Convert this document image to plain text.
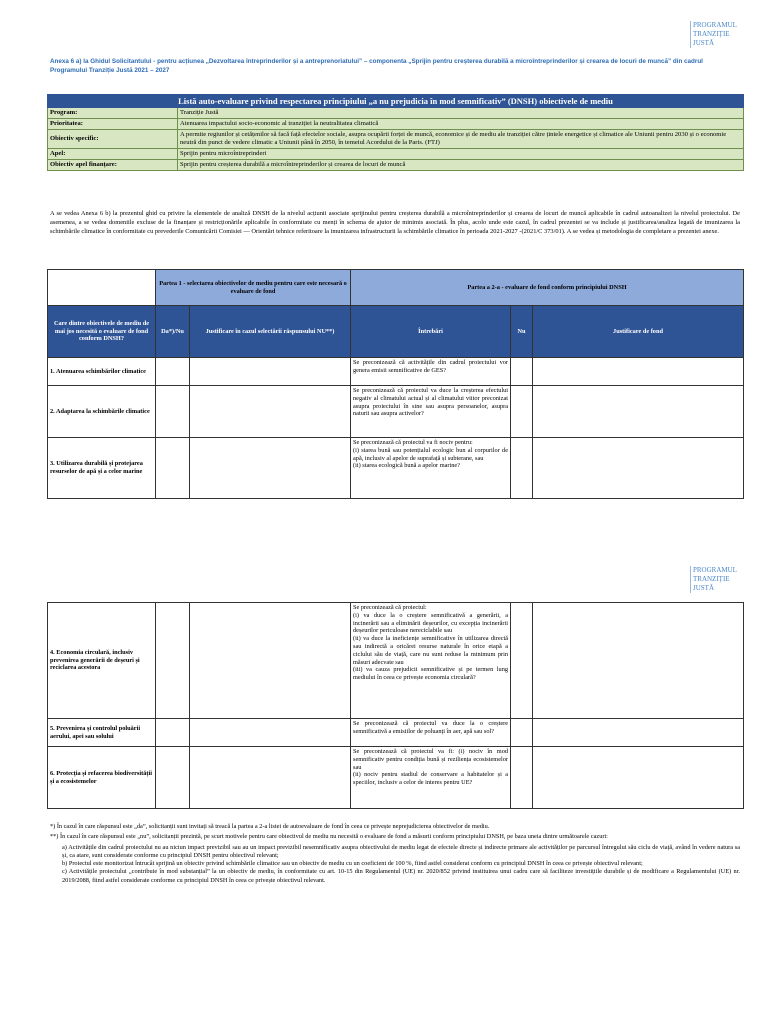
PROGRAMUL
TRANZIȚIE
JUSTĂ
Anexa 6 a) la Ghidul Solicitantului - pentru acțiunea „Dezvoltarea întreprinderilor și a antreprenoriatului” – componenta „Sprijin pentru creșterea durabilă a microîntreprinderilor și crearea de locuri de muncă” din cadrul Programului Tranziție Justă 2021 – 2027
Listă auto-evaluare privind respectarea principiului „a nu prejudicia în mod semnificativ” (DNSH) obiectivele de mediu	
Program:	Tranziție Justă
Prioritatea:	Atenuarea impactului socio-economic al tranziției la neutralitatea climatică
Obiectiv specific:	A permite regiunilor și cetățenilor să facă față efectelor sociale, asupra ocupării forței de muncă, economice și de mediu ale tranziției către țintele energetice și climatice ale Uniunii pentru 2030 și o economie neutră din punct de vedere climatic a Uniunii până în 2050, în temeiul Acordului de la Paris. (FTJ)
Apel:	Sprijin pentru microîntreprinderi
Obiectiv apel finanțare:	Sprijin pentru creșterea durabilă a microîntreprinderilor și crearea de locuri de muncă
A se vedea Anexa 6 b) la prezentul ghid cu privire la elementele de analiză DNSH de la nivelul acțiunii asociate sprijinului pentru creșterea durabilă a microîntreprinderilor și crearea de locuri de muncă aplicabile în cadrul autoanalizei la nivelul proiectului. De asemenea, a se vedea domeniile excluse de la finanțare și restricționările aplicabile în conformitate cu menți în schema de ajutor de minimis asociată. În plus, acolo unde este cazul, în cadrul prezentei se va include și justificarea/analiza legată de imunizarea la schimbările climatice în conformitate cu prevederile Comunicării Comisiei — Orientări tehnice referitoare la imunizarea infrastructurii la schimbările climatice în perioada 2021-2027 -(2021/C 373/01). A se vedea și metodologia de completare a prezentei anexe.
	Partea 1 - selectarea obiectivelor de mediu pentru care este necesară o evaluare de fond		Partea a 2-a - evaluare de fond conform principiului DNSH		
Care dintre obiectivele de mediu de mai jos necesită o evaluare de fond conform DNSH?	Da*)/Nu	Justificare în cazul selectării răspunsului NU**)	Întrebări	Nu	Justificare de fond
1. Atenuarea schimbărilor climatice			Se preconizează că activitățile din cadrul proiectului vor genera emisii semnificative de GES?		
2. Adaptarea la schimbările climatice			Se preconizează că proiectul va duce la creșterea efectului negativ al climatului actual și al climatului viitor preconizat asupra proiectului în sine sau asupra persoanelor, asupra naturii sau asupra activelor?		
3. Utilizarea durabilă și protejarea resurselor de apă și a celor marine			Se preconizează că proiectul va fi nociv pentru:
(i) starea bună sau potențialul ecologic bun al corpurilor de apă, inclusiv al apelor de suprafață și subterane, sau
(ii) starea ecologică bună a apelor marine?		
PROGRAMUL
TRANZIȚIE
JUSTĂ
4. Economia circulară, inclusiv prevenirea generării de deșeuri și reciclarea acestora			Se preconizează că proiectul:
(i) va duce la o creștere semnificativă a generării, a incinerării sau a eliminării deșeurilor, cu excepția incinerării deșeurilor periculoase nereciclabile sau
(ii) va duce la ineficiențe semnificative în utilizarea directă sau indirectă a oricărei resurse naturale în orice etapă a ciclului său de viață, care nu sunt reduse la minimum prin măsuri adecvate sau
(iii) va cauza prejudicii semnificative și pe termen lung mediului în ceea ce privește economia circulară?		
5. Prevenirea și controlul poluării aerului, apei sau solului			Se preconizează că proiectul va duce la o creștere semnificativă a emisiilor de poluanți în aer, apă sau sol?		
6. Protecția și refacerea biodiversității și a ecosistemelor			Se preconizează că proiectul va fi: (i) nociv în mod semnificativ pentru condiția bună și reziliența ecosistemelor sau
(ii) nociv pentru stadiul de conservare a habitatelor și a speciilor, inclusiv a celor de interes pentru UE?		

*) În cazul în care răspunsul este „da”, solicitanții sunt invitați să treacă la partea a 2-a listei de autoevaluare de fond în ceea ce privește neprejudicierea obiectivelor de mediu.

**) În cazul în care răspunsul este „nu”, solicitanții prezintă, pe scurt motivele pentru care obiectivul de mediu nu necesită o evaluare de fond a măsurii conform principiului DNSH, pe baza uneia dintre următoarele cazuri:

a) Activitățile din cadrul proiectului nu au niciun impact previzibil sau au un impact previzibil nesemnificativ asupra obiectivului de mediu legat de efectele directe și indirecte primare ale activităților pe parcursul întregului său ciclu de viață, având în vedere natura sa și, ca atare, sunt considerate conforme cu principiul DNSH pentru obiectivul relevant;

b) Proiectul este monitorizat întrucât sprijină un obiectiv privind schimbările climatice sau un obiectiv de mediu cu un coeficient de 100 %, fiind astfel considerat conform cu principiul DNSH în ceea ce privește obiectivul relevant;

c) Activitățile proiectului „contribuie în mod substanțial” la un obiectiv de mediu, în conformitate cu art. 10-15 din Regulamentul (UE) nr. 2020/852 privind instituirea unui cadru care să faciliteze investițiile durabile și de modificare a Regulamentului (UE) nr. 2019/2088, fiind astfel considerate conforme cu principiul DNSH în ceea ce privește obiectivul relevant.
